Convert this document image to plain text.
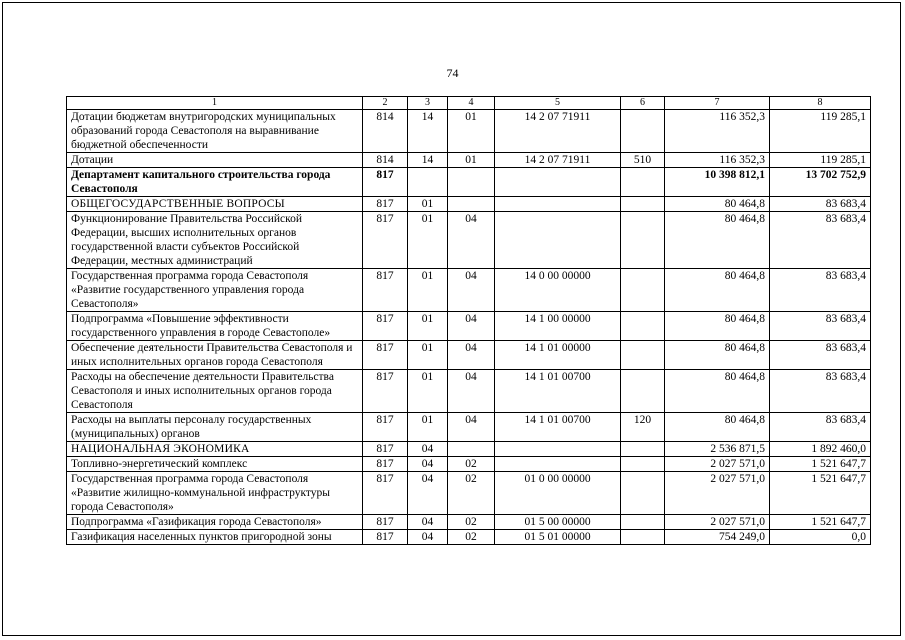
74
1	2	3	4	5	6	7	8
Дотации бюджетам внутригородских муниципальных образований города Севастополя на выравнивание бюджетной обеспеченности	814	14	01	14 2 07 71911		116 352,3	119 285,1
Дотации	814	14	01	14 2 07 71911	510	116 352,3	119 285,1
Департамент капитального строительства города Севастополя	817					10 398 812,1	13 702 752,9
ОБЩЕГОСУДАРСТВЕННЫЕ ВОПРОСЫ	817	01				80 464,8	83 683,4
Функционирование Правительства Российской Федерации, высших исполнительных органов государственной власти субъектов Российской Федерации, местных администраций	817	01	04			80 464,8	83 683,4
Государственная программа города Севастополя «Развитие государственного управления города Севастополя»	817	01	04	14 0 00 00000		80 464,8	83 683,4
Подпрограмма «Повышение эффективности государственного управления в городе Севастополе»	817	01	04	14 1 00 00000		80 464,8	83 683,4
Обеспечение деятельности Правительства Севастополя и иных исполнительных органов города Севастополя	817	01	04	14 1 01 00000		80 464,8	83 683,4
Расходы на обеспечение деятельности Правительства Севастополя и иных исполнительных органов города Севастополя	817	01	04	14 1 01 00700		80 464,8	83 683,4
Расходы на выплаты персоналу государственных (муниципальных) органов	817	01	04	14 1 01 00700	120	80 464,8	83 683,4
НАЦИОНАЛЬНАЯ ЭКОНОМИКА	817	04				2 536 871,5	1 892 460,0
Топливно-энергетический комплекс	817	04	02			2 027 571,0	1 521 647,7
Государственная программа города Севастополя «Развитие жилищно-коммунальной инфраструктуры города Севастополя»	817	04	02	01 0 00 00000		2 027 571,0	1 521 647,7
Подпрограмма «Газификация города Севастополя»	817	04	02	01 5 00 00000		2 027 571,0	1 521 647,7
Газификация населенных пунктов пригородной зоны	817	04	02	01 5 01 00000		754 249,0	0,0
